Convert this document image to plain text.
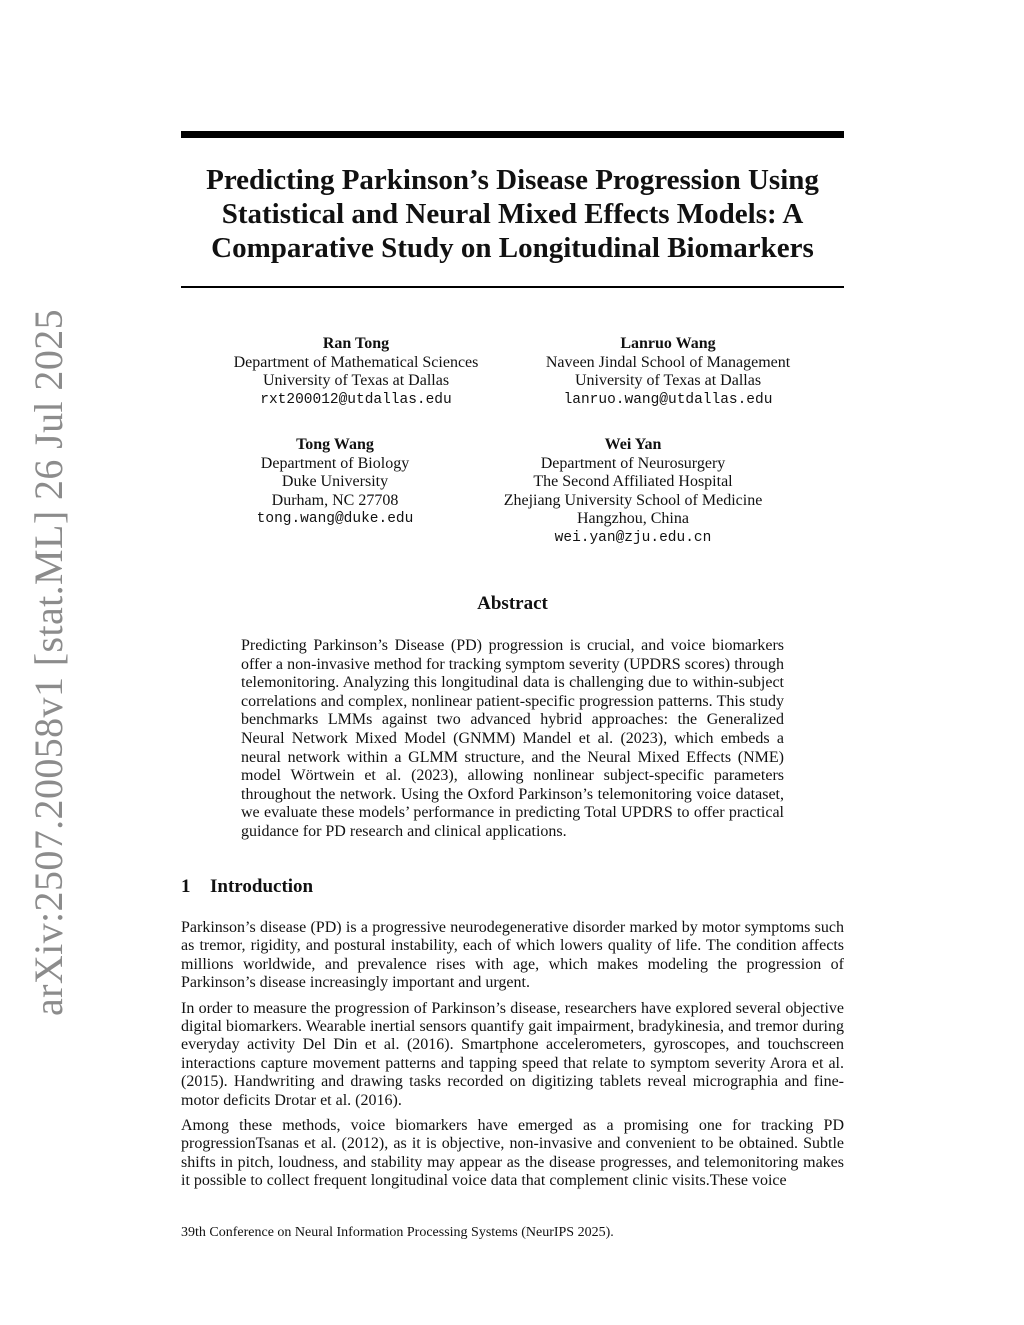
arXiv:2507.20058v1 [stat.ML] 26 Jul 2025
Predicting Parkinson’s Disease Progression Using
Statistical and Neural Mixed Effects Models: A
Comparative Study on Longitudinal Biomarkers
Ran Tong
Department of Mathematical Sciences
University of Texas at Dallas
rxt200012@utdallas.edu
Lanruo Wang
Naveen Jindal School of Management
University of Texas at Dallas
lanruo.wang@utdallas.edu
Tong Wang
Department of Biology
Duke University
Durham, NC 27708
tong.wang@duke.edu
Wei Yan
Department of Neurosurgery
The Second Affiliated Hospital
Zhejiang University School of Medicine
Hangzhou, China
wei.yan@zju.edu.cn
Abstract

Predicting Parkinson’s Disease (PD) progression is crucial, and voice biomarkers offer a non-invasive method for tracking symptom severity (UPDRS scores) through telemonitoring. Analyzing this longitudinal data is challenging due to within-subject correlations and complex, nonlinear patient-specific progression patterns. This study benchmarks LMMs against two advanced hybrid approaches: the Generalized Neural Network Mixed Model (GNMM) Mandel et al. (2023), which embeds a neural network within a GLMM structure, and the Neural Mixed Effects (NME) model Wörtwein et al. (2023), allowing nonlinear subject-specific parameters throughout the network. Using the Oxford Parkinson’s telemonitoring voice dataset, we evaluate these models’ performance in predicting Total UPDRS to offer practical guidance for PD research and clinical applications.

1 Introduction

Parkinson’s disease (PD) is a progressive neurodegenerative disorder marked by motor symptoms such as tremor, rigidity, and postural instability, each of which lowers quality of life. The condition affects millions worldwide, and prevalence rises with age, which makes modeling the progression of Parkinson’s disease increasingly important and urgent.

In order to measure the progression of Parkinson’s disease, researchers have explored several objective digital biomarkers. Wearable inertial sensors quantify gait impairment, bradykinesia, and tremor during everyday activity Del Din et al. (2016). Smartphone accelerometers, gyroscopes, and touchscreen interactions capture movement patterns and tapping speed that relate to symptom severity Arora et al. (2015). Handwriting and drawing tasks recorded on digitizing tablets reveal micrographia and fine-motor deficits Drotar et al. (2016).

Among these methods, voice biomarkers have emerged as a promising one for tracking PD progressionTsanas et al. (2012), as it is objective, non-invasive and convenient to be obtained. Subtle shifts in pitch, loudness, and stability may appear as the disease progresses, and telemonitoring makes it possible to collect frequent longitudinal voice data that complement clinic visits.These voice

39th Conference on Neural Information Processing Systems (NeurIPS 2025).
